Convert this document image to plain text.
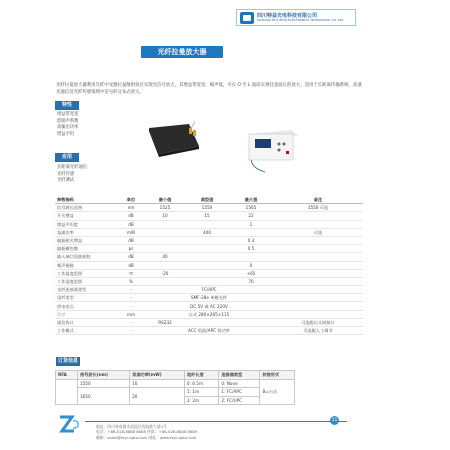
四川特益光电科技有限公司
SICHUAN TEYI OPTO ELECTRONICS TECHNOLOGY CO.,LTD
光纤拉曼放大器
光纤拉曼放大器利用光纤中受激拉曼散射效应实现光信号放大，其增益带宽宽、噪声低，可在 O 至 L 波段实现任意波长的放大，适用于长距离传输系统、高速光通信及光纤传感领域中信号的分布式放大。
特性
增益带宽宽
低噪声系数
高输出功率
增益平坦
应用
长距离光纤通信
光纤传感
光纤测试
参数指标	单位	最小值	典型值	最大值	备注
信号波长范围	nm	1525	1550	1565	1550 可选
开关增益	dB	10	15	22	
增益平坦度	dB			1	
泵浦功率	mW		400		可选
偏振相关增益	dB			0.3	
偏振模色散	ps			0.5	
输入端口回波损耗	dB	40			
噪声指数	dB			0	
工作温度范围	℃	-20		+65	
工作湿度范围	%			70	
光纤连接器类型	-	FC/APC			
尾纤类型	-	SMF-28e 单模光纤			
供电电压	-	DC 5V 或 AC 220V			
尺寸	mm	台式 280×265×115			
通信协议	-	RS232			可选配以太网接口
工作模式	-	ACC 恒流/APC 恒功率			可选配人工调节
订货信息
RFA	信号波长(nm)	泵浦功率(mW)	尾纤长度	连接器类型	封装形式
	1550	10	0: 0.5m	0: None	B=台式
	1650	20	1: 1m	1: FC/APC	
			2: 2m	2: FC/UPC	
地址：四川省成都市双流区西航港大道2号
电话：+86-028-8888 8888 传真：+86-028-8888 8889
邮箱：sales@teyi-opto.com 网址：www.teyi-opto.com
11
